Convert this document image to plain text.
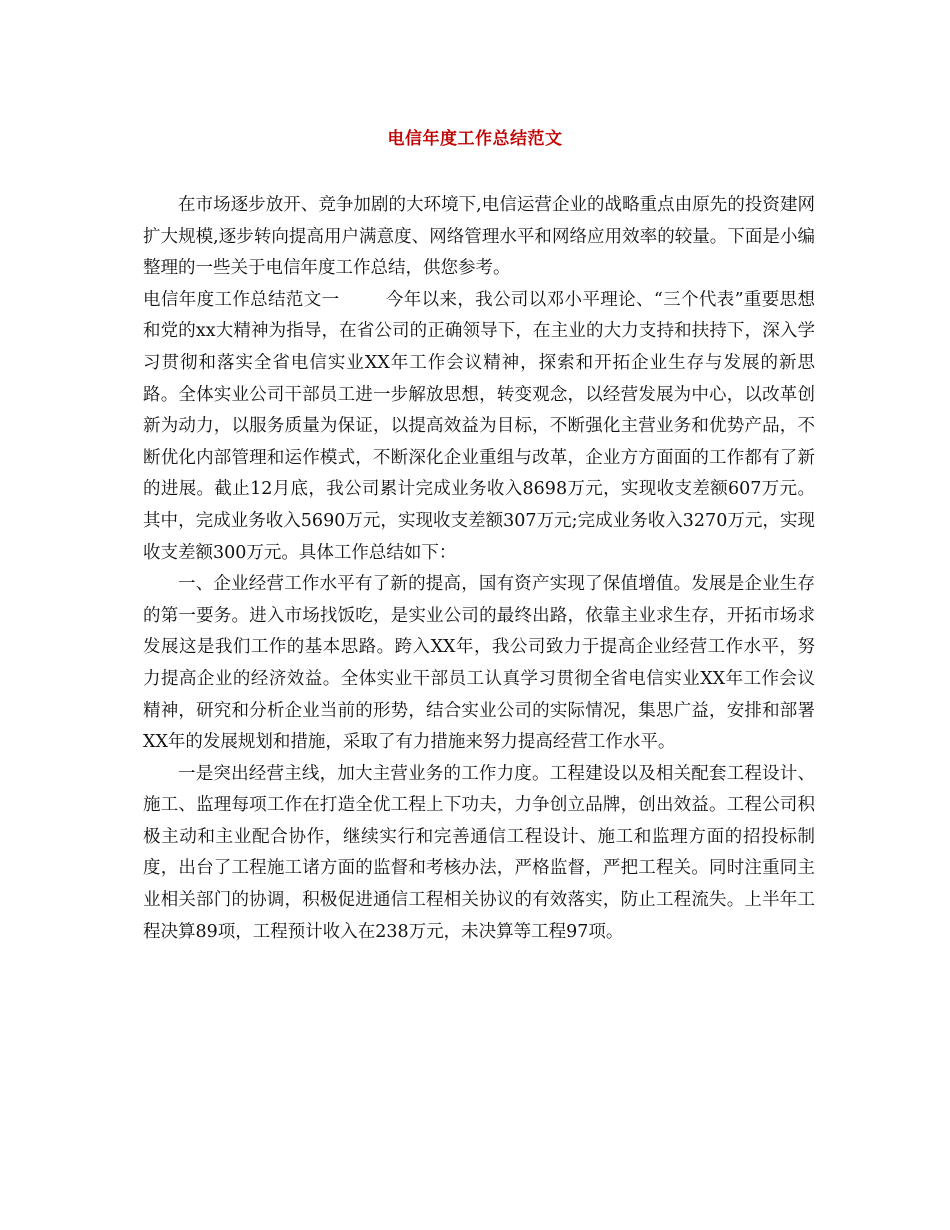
电信年度工作总结范文

在市场逐步放开、竞争加剧的大环境下,电信运营企业的战略重点由原先的投资建网扩大规模,逐步转向提高用户满意度、网络管理水平和网络应用效率的较量。下面是小编整理的一些关于电信年度工作总结，供您参考。

电信年度工作总结范文一	今年以来，我公司以邓小平理论、“三个代表”重要思想和党的xx大精神为指导，在省公司的正确领导下，在主业的大力支持和扶持下，深入学习贯彻和落实全省电信实业XX年工作会议精神，探索和开拓企业生存与发展的新思路。全体实业公司干部员工进一步解放思想，转变观念，以经营发展为中心，以改革创新为动力，以服务质量为保证，以提高效益为目标，不断强化主营业务和优势产品，不断优化内部管理和运作模式，不断深化企业重组与改革，企业方方面面的工作都有了新的进展。截止12月底，我公司累计完成业务收入8698万元，实现收支差额607万元。其中，完成业务收入5690万元，实现收支差额307万元;完成业务收入3270万元，实现收支差额300万元。具体工作总结如下：

一、企业经营工作水平有了新的提高，国有资产实现了保值增值。发展是企业生存的第一要务。进入市场找饭吃，是实业公司的最终出路，依靠主业求生存，开拓市场求发展这是我们工作的基本思路。跨入XX年，我公司致力于提高企业经营工作水平，努力提高企业的经济效益。全体实业干部员工认真学习贯彻全省电信实业XX年工作会议精神，研究和分析企业当前的形势，结合实业公司的实际情况，集思广益，安排和部署XX年的发展规划和措施，采取了有力措施来努力提高经营工作水平。

一是突出经营主线，加大主营业务的工作力度。工程建设以及相关配套工程设计、施工、监理每项工作在打造全优工程上下功夫，力争创立品牌，创出效益。工程公司积极主动和主业配合协作，继续实行和完善通信工程设计、施工和监理方面的招投标制度，出台了工程施工诸方面的监督和考核办法，严格监督，严把工程关。同时注重同主业相关部门的协调，积极促进通信工程相关协议的有效落实，防止工程流失。上半年工程决算89项，工程预计收入在238万元，未决算等工程97项。
